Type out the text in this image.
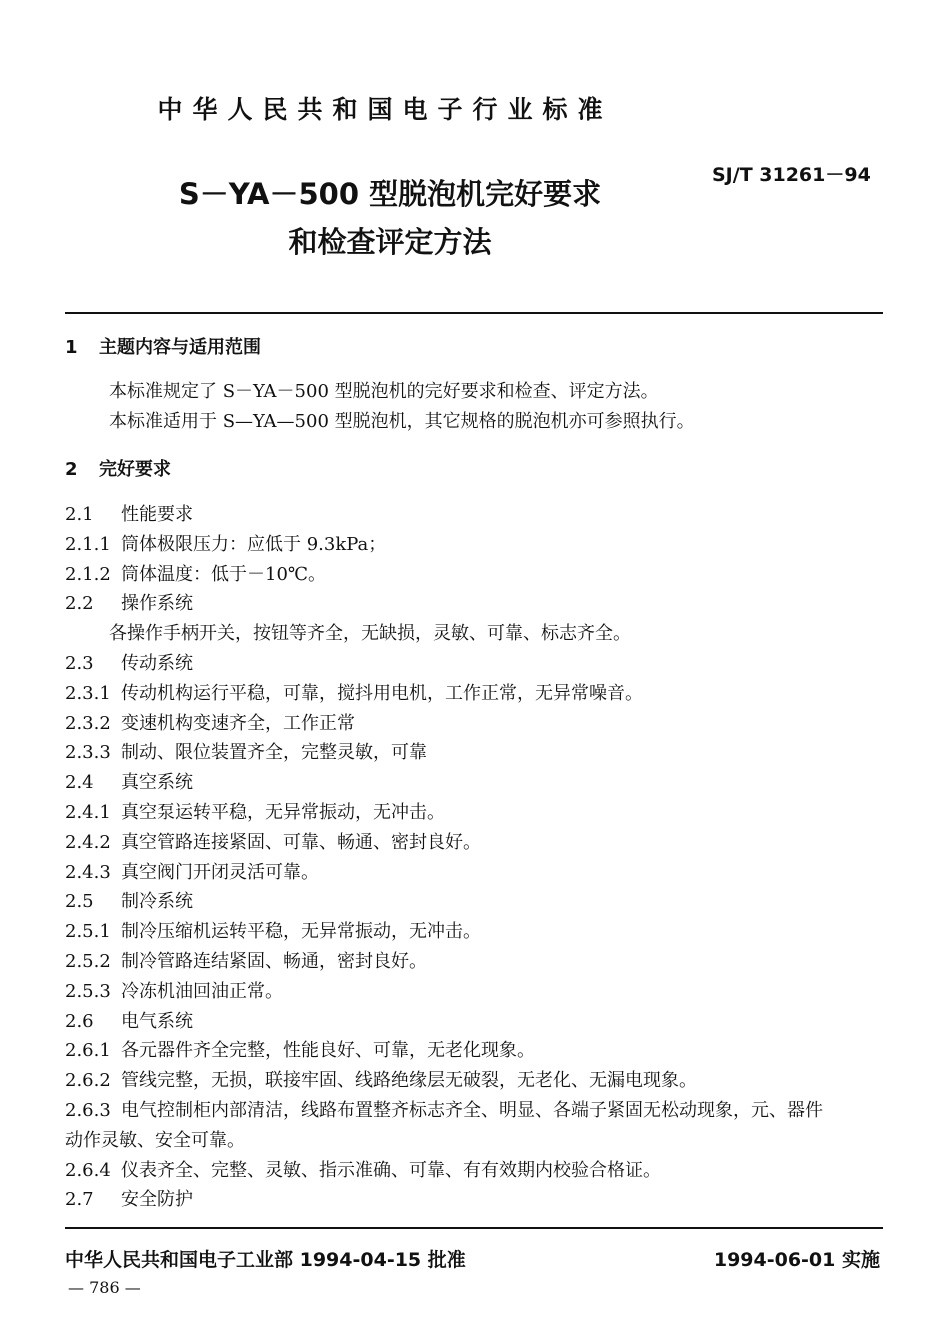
中华人民共和国电子行业标准
SJ/T 31261－94
S－YA－500 型脱泡机完好要求
和检查评定方法
1 主题内容与适用范围
本标准规定了 S－YA－500 型脱泡机的完好要求和检查、评定方法。
本标准适用于 S—YA—500 型脱泡机，其它规格的脱泡机亦可参照执行。
2 完好要求
2.1 性能要求
2.1.1 筒体极限压力：应低于 9.3kPa；
2.1.2 筒体温度：低于－10℃。
2.2 操作系统
各操作手柄开关，按钮等齐全，无缺损，灵敏、可靠、标志齐全。
2.3 传动系统
2.3.1 传动机构运行平稳，可靠，搅抖用电机，工作正常，无异常噪音。
2.3.2 变速机构变速齐全，工作正常
2.3.3 制动、限位装置齐全，完整灵敏，可靠
2.4 真空系统
2.4.1 真空泵运转平稳，无异常振动，无冲击。
2.4.2 真空管路连接紧固、可靠、畅通、密封良好。
2.4.3 真空阀门开闭灵活可靠。
2.5 制冷系统
2.5.1 制冷压缩机运转平稳，无异常振动，无冲击。
2.5.2 制冷管路连结紧固、畅通，密封良好。
2.5.3 冷冻机油回油正常。
2.6 电气系统
2.6.1 各元器件齐全完整，性能良好、可靠，无老化现象。
2.6.2 管线完整，无损，联接牢固、线路绝缘层无破裂，无老化、无漏电现象。
2.6.3 电气控制柜内部清洁，线路布置整齐标志齐全、明显、各端子紧固无松动现象，元、器件
动作灵敏、安全可靠。
2.6.4 仪表齐全、完整、灵敏、指示准确、可靠、有有效期内校验合格证。
2.7 安全防护
中华人民共和国电子工业部 1994-04-15 批准	1994-06-01 实施
— 786 —
